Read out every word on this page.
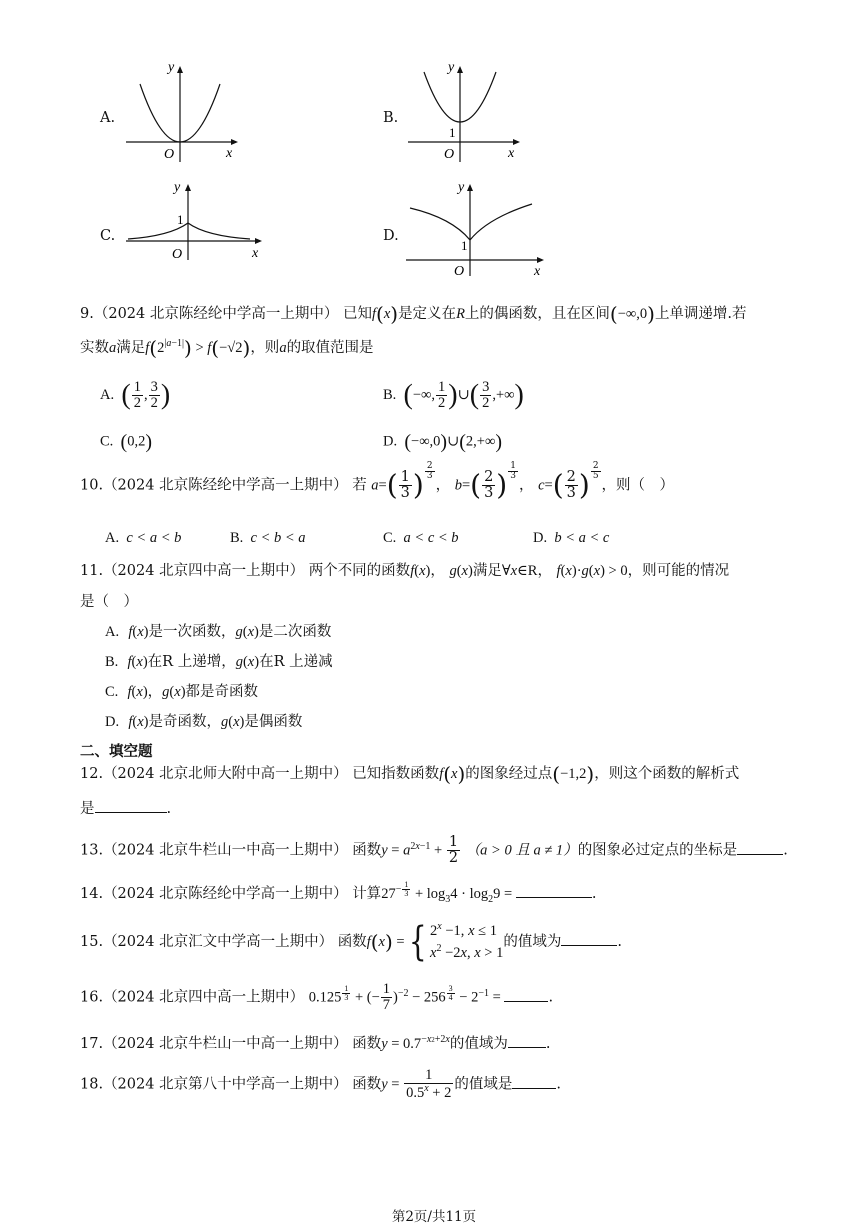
A.
y
x
O
B.
y
x
O
1
C.
y
x
O
1
D.
y
x
O
1
9.（2024 北京陈经纶中学高一上期中） 已知f(x)是定义在R上的偶函数，且在区间(−∞,0)上单调递增.若
实数a满足$f(2^{|a-1|}) > f(-√2)$，则a的取值范围是
A. ( $\frac{1}{2}$ , $\frac{3}{2}$ )	B. (−∞, $\frac{1}{2}$ )∪( $\frac{3}{2}$ ,+∞)
C. (0,2)	D. (−∞,0)∪(2,+∞)
10.（2024 北京陈经纶中学高一上期中） 若 $a=( \frac{1}{3}$ ) $\frac{2}{3}$
， $b=( \frac{2}{3}$ ) $\frac{1}{3}$
， $c=( \frac{2}{3}$ ) $\frac{2}{5}$
，则（　）
A. c < a < b	B. c < b < a	C. a < c < b	D. b < a < c
11.（2024 北京四中高一上期中） 两个不同的函数f(x)， g(x)满足∀x∈R， f(x)·g(x) > 0，则可能的情况
是（　）
A. f(x)是一次函数，g(x)是二次函数
B. f(x)在R 上递增，g(x)在R 上递减
C. f(x)，g(x)都是奇函数
D. f(x)是奇函数，g(x)是偶函数
二、填空题
12.（2024 北京北师大附中高一上期中） 已知指数函数f(x)的图象经过点(−1,2)，则这个函数的解析式
是	.
13.（2024 北京牛栏山一中高一上期中） 函数$y = a^{2x-1} + \frac{1}{2} (a > 0$ 且 a ≠ 1）的图象必过定点的坐标是	.
14.（2024 北京陈经纶中学高一上期中） 计算$27^{- \frac{1}{3}} + \log_34 \cdot \log_29$ =	.
15.（2024 北京汇文中学高一上期中） 函数f(x) ={ $2^x -1$, x ≤ 1
$x^2 -2x$, x > 1
的值域为	.
16.（2024 北京四中高一上期中） 0.125 $^{\frac{1}{3}}$ + (− $\frac{1}{7} )^{-2} - 256$ $^{\frac{3}{4}} - 2^{-1}$ =	.
17.（2024 北京牛栏山一中高一上期中） 函数$y = 0.7^{-x2+2x}$的值域为	.
18.（2024 北京第八十中学高一上期中） 函数$y = \frac{1}{0.5^x + 2}$ 的值域是	.
第2页/共11页
